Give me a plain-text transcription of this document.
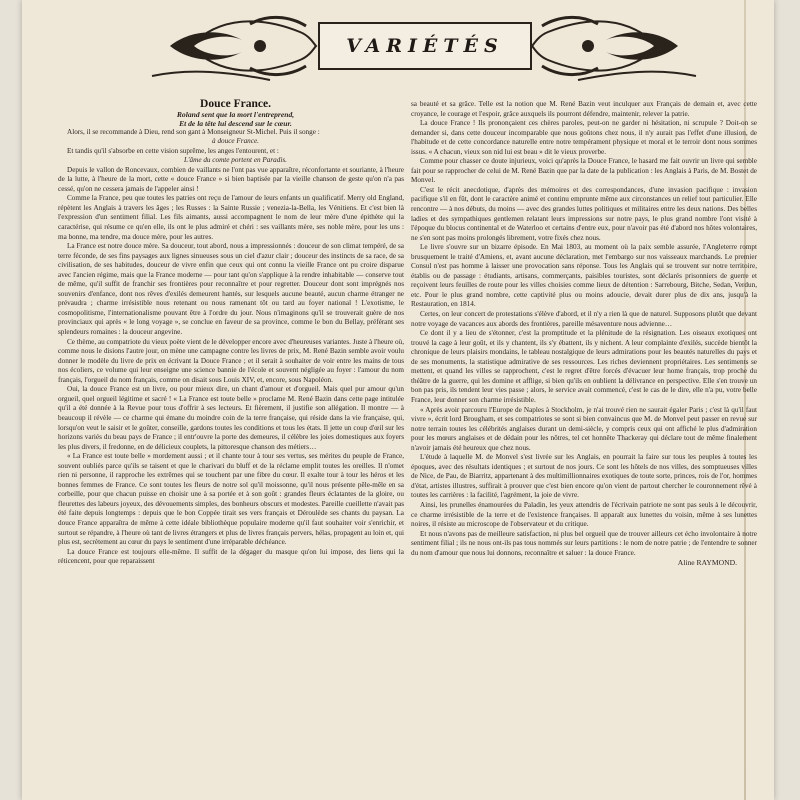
VARIÉTÉS

Douce France.

Roland sent que la mort l'entreprend,

Et de la tête lui descend sur le cœur.

Alors, il se recommande à Dieu, rend son gant à Monseigneur St-Michel. Puis il songe :

à douce France.

Et tandis qu'il s'absorbe en cette vision suprême, les anges l'entourent, et :

L'âme du comte portent en Paradis.

Depuis le vallon de Roncevaux, combien de vaillants ne l'ont pas vue apparaître, réconfortante et souriante, à l'heure de la lutte, à l'heure de la mort, cette « douce France » si bien baptisée par la vieille chanson de geste qu'on n'a pas cessé, qu'on ne cessera jamais de l'appeler ainsi !

Comme la France, peu que toutes les patries ont reçu de l'amour de leurs enfants un qualificatif. Merry old England, répètent les Anglais à travers les âges ; les Russes : la Sainte Russie ; venezia-la-Bella, les Vénitiens. Et c'est bien là l'expression d'un sentiment filial. Les fils aimants, aussi accompagnent le nom de leur mère d'une épithète qui la caractérise, qui résume ce qu'en elle, ils ont le plus admiré et chéri : ses vaillants mère, ses noble mère, pour les uns : ma bonne, ma tendre, ma douce mère, pour les autres.

La France est notre douce mère. Sa douceur, tout abord, nous a impressionnés : douceur de son climat tempéré, de sa terre féconde, de ses fins paysages aux lignes sinueuses sous un ciel d'azur clair ; douceur des instincts de sa race, de sa civilisation, de ses habitudes, douceur de vivre enfin que ceux qui ont connu la vieille France ont pu croire disparue avec l'ancien régime, mais que la France moderne — pour tant qu'on s'applique à la rendre inhabitable — conserve tout de même, qu'il suffit de franchir ses frontières pour reconnaître et pour regretter. Douceur dont sont imprégnés nos souvenirs d'enfance, dont nos rêves d'exilés demeurent hantés, sur lesquels aucune beauté, aucun charme étranger ne prévaudra ; charme irrésistible nous retenant ou nous ramenant tôt ou tard au foyer national ! L'exotisme, le cosmopolitisme, l'internationalisme pouvant être à l'ordre du jour. Nous n'imaginons qu'il se trouverait guère de nos provinciaux qui après « le long voyage », se conclue en faveur de sa province, comme le bon du Bellay, préférant ses splendeurs romaines : la douceur angevine.

Ce thème, au compatriote du vieux poète vient de le développer encore avec d'heureuses variantes. Juste à l'heure où, comme nous le disions l'autre jour, on mène une campagne contre les livres de prix, M. René Bazin semble avoir voulu donner le modèle du livre de prix en écrivant la Douce France ; et il serait à souhaiter de voir entre les mains de tous nos écoliers, ce volume qui leur enseigne une science bannie de l'école et souvent négligée au foyer : l'amour du nom français, l'orgueil du nom français, comme on disait sous Louis XIV, et, encore, sous Napoléon.

Oui, la douce France est un livre, ou pour mieux dire, un chant d'amour et d'orgueil. Mais quel pur amour qu'un orgueil, quel orgueil légitime et sacré ! « La France est toute belle » proclame M. René Bazin dans cette page intitulée qu'il a été donnée à la Revue pour tous d'offrir à ses lecteurs. Et fièrement, il justifie son allégation. Il montre — à beaucoup il révèle — ce charme qui émane du moindre coin de la terre française, qui réside dans la vie française, qui, lorsqu'on veut le saisir et le goûter, conseille, gardons toutes les conditions et tous les états. Il jette un coup d'œil sur les horizons variés du beau pays de France ; il entr'ouvre la porte des demeures, il célèbre les joies domestiques aux foyers les plus divers, il fredonne, en de délicieux couplets, la pittoresque chanson des métiers…

« La France est toute belle » mordement aussi ; et il chante tour à tour ses vertus, ses mérites du peuple de France, souvent oubliés parce qu'ils se taisent et que le charivari du bluff et de la réclame emplit toutes les oreilles. Il n'omet rien ni personne, il rapproche les extrêmes qui se touchent par une fibre du cœur. Il exalte tour à tour les héros et les bonnes femmes de France. Ce sont toutes les fleurs de notre sol qu'il moissonne, qu'il nous présente pêle-mêle en sa corbeille, pour que chacun puisse en choisir une à sa portée et à son goût : grandes fleurs éclatantes de la gloire, ou fleurettes des labeurs joyeux, des dévouements simples, des bonheurs obscurs et modestes. Pareille cueillette n'avait pas été faite depuis longtemps : depuis que le bon Coppée tirait ses vers français et Déroulède ses chants du paysan. La douce France apparaîtra de même à cette idéale bibliothèque populaire moderne qu'il faut souhaiter voir s'enrichir, et surtout se répandre, à l'heure où tant de livres étrangers et plus de livres français pervers, hélas, propagent au loin et, qui plus est, secrètement au cœur du pays le sentiment d'une irréparable déchéance.

La douce France est toujours elle-même. Il suffit de la dégager du masque qu'on lui impose, des liens qui la réticencent, pour que reparaissent

sa beauté et sa grâce. Telle est la notion que M. René Bazin veut inculquer aux Français de demain et, avec cette croyance, le courage et l'espoir, grâce auxquels ils pourront défendre, maintenir, relever la patrie.

La douce France ! Ils prononçaient ces chères paroles, peut-on ne garder ni hésitation, ni scrupule ? Doit-on se demander si, dans cette douceur incomparable que nous goûtons chez nous, il n'y aurait pas l'effet d'une illusion, de l'habitude et de cette concordance naturelle entre notre tempérament physique et moral et le terroir dont nous sommes issus. « A chacun, vieux son nid lui est beau » dit le vieux proverbe.

Comme pour chasser ce doute injurieux, voici qu'après la Douce France, le hasard me fait ouvrir un livre qui semble fait pour se rapprocher de celui de M. René Bazin que par la date de la publication : les Anglais à Paris, de M. Bostet de Monvel.

C'est le récit anecdotique, d'après des mémoires et des correspondances, d'une invasion pacifique : invasion pacifique s'il en fût, dont le caractère animé et continu emprunte même aux circonstances un relief tout particulier. Elle rencontre — à nos débuts, du moins — avec des grandes luttes politiques et militaires entre les deux nations. Des belles ladies et des sympathiques gentlemen relatant leurs impressions sur notre pays, le plus grand nombre l'ont visité à l'époque du blocus continental et de Waterloo et certains d'entre eux, pour n'avoir pas été d'abord nos hôtes volontaires, ne s'en sont pas moins prolongés librement, votre fixés chez nous.

Le livre s'ouvre sur un bizarre épisode. En Mai 1803, au moment où la paix semble assurée, l'Angleterre rompt brusquement le traité d'Amiens, et, avant aucune déclaration, met l'embargo sur nos vaisseaux marchands. Le premier Consul n'est pas homme à laisser une provocation sans réponse. Tous les Anglais qui se trouvent sur notre territoire, établis ou de passage : étudiants, artisans, commerçants, paisibles touristes, sont déclarés prisonniers de guerre et reçoivent leurs feuilles de route pour les villes choisies comme lieux de détention : Sarrebourg, Bitche, Sedan, Verdun, etc. Pour le plus grand nombre, cette captivité plus ou moins adoucie, devait durer plus de dix ans, jusqu'à la Restauration, en 1814.

Certes, on leur concert de protestations s'élève d'abord, et il n'y a rien là que de naturel. Supposons plutôt que devant notre voyage de vacances aux abords des frontières, pareille mésaventure nous advienne…

Ce dont il y a lieu de s'étonner, c'est la promptitude et la plénitude de la résignation. Les oiseaux exotiques ont trouvé la cage à leur goût, et ils y chantent, ils s'y ébattent, ils y nichent. A leur complainte d'exilés, succède bientôt la chronique de leurs plaisirs mondains, le tableau nostalgique de leurs admirations pour les beautés naturelles du pays et de ses monuments, la statistique admirative de ses ressources. Les riches deviennent propriétaires. Les sentiments se mettent, et quand les villes se rapprochent, c'est le regret d'être forcés d'évacuer leur home français, trop proche du théâtre de la guerre, qui les domine et afflige, si bien qu'ils en oublient la délivrance en perspective. Elle s'en trouve un bon pas pris, ils tendent leur vies passe ; alors, le service avait commencé, c'est le cas de le dire, elle n'a pu, votre belle France, leur donner son charme irrésistible.

« Après avoir parcouru l'Europe de Naples à Stockholm, je n'ai trouvé rien ne saurait égaler Paris ; c'est là qu'il faut vivre », écrit lord Brougham, et ses compatriotes se sont si bien convaincus que M. de Monvel peut passer en revue sur notre terrain toutes les célébrités anglaises durant un demi-siècle, y compris ceux qui ont affiché le plus d'admiration pour les mœurs anglaises et de dédain pour les nôtres, tel cet honnête Thackeray qui déclare tout de même finalement n'avoir jamais été heureux que chez nous.

L'étude à laquelle M. de Monvel s'est livrée sur les Anglais, en pourrait la faire sur tous les peuples à toutes les époques, avec des résultats identiques ; et surtout de nos jours. Ce sont les hôtels de nos villes, des somptueuses villes de Nice, de Pau, de Biarritz, appartenant à des multimillionnaires exotiques de toute sorte, princes, rois de l'or, hommes d'état, artistes illustres, suffirait à prouver que c'est bien encore qu'on vient de partout chercher le couronnement rêvé à toutes les carrières : la facilité, l'agrément, la joie de vivre.

Ainsi, les prunelles énamourées du Paladin, les yeux attendris de l'écrivain patriote ne sont pas seuls à le découvrir, ce charme irrésistible de la terre et de l'existence françaises. Il apparaît aux lunettes du voisin, même à ses lunettes noires, il résiste au microscope de l'observateur et du critique.

Et nous n'avons pas de meilleure satisfaction, ni plus bel orgueil que de trouver ailleurs cet écho involontaire à notre sentiment filial ; ils ne nous ont-ils pas tous nommés sur leurs partitions : le nom de notre patrie ; de l'entendre te sonner du nom d'amour que nous lui donnons, reconnaître et saluer : la douce France.

Aline RAYMOND.
